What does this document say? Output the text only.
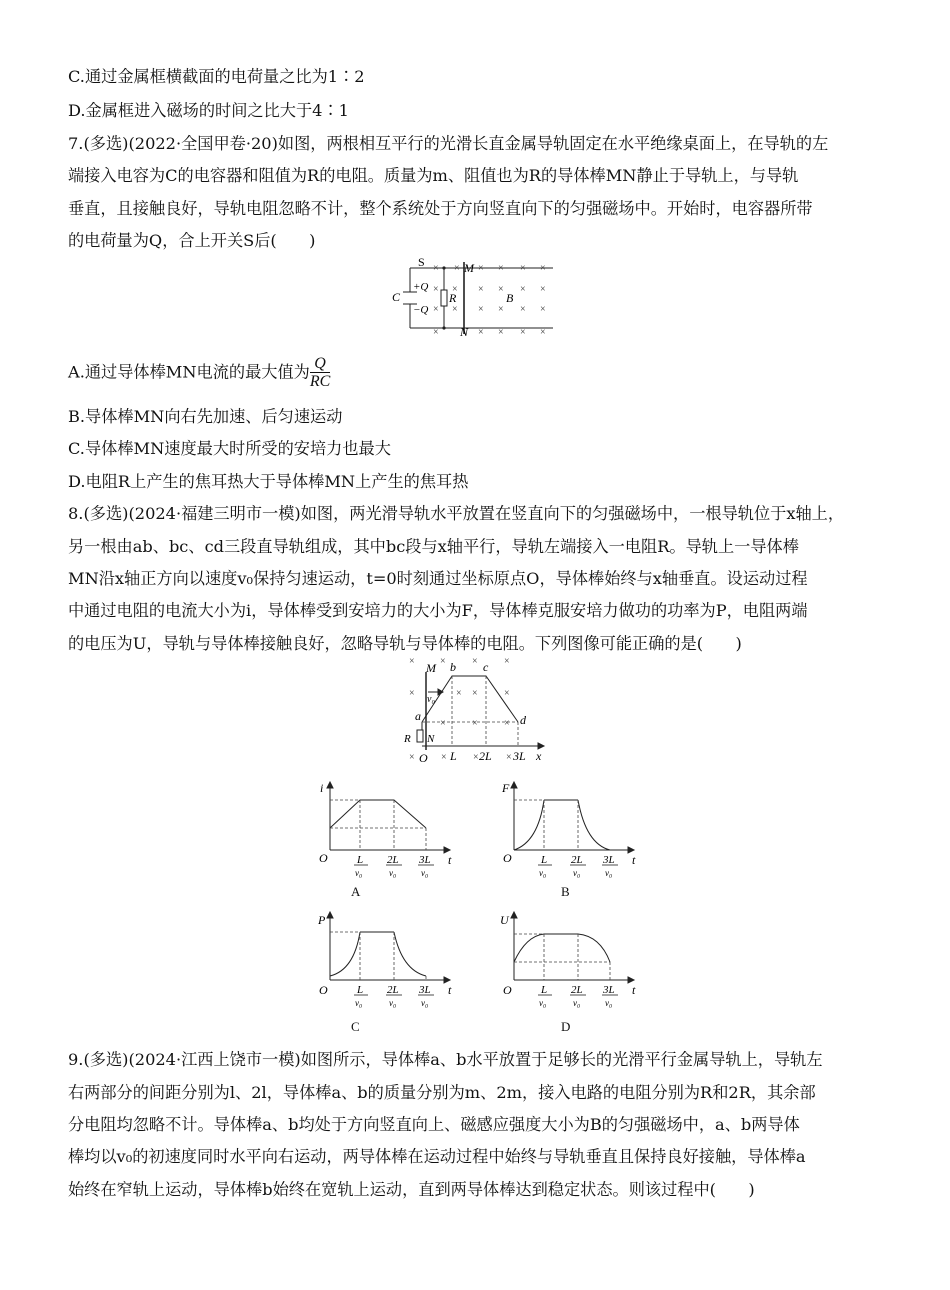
C.通过金属框横截面的电荷量之比为1∶2
D.金属框进入磁场的时间之比大于4∶1
7.(多选)(2022·全国甲卷·20)如图，两根相互平行的光滑长直金属导轨固定在水平绝缘桌面上，在导轨的左
端接入电容为C的电容器和阻值为R的电阻。质量为m、阻值也为R的导体棒MN静止于导轨上，与导轨
垂直，且接触良好，导轨电阻忽略不计，整个系统处于方向竖直向下的匀强磁场中。开始时，电容器所带
的电荷量为Q，合上开关S后(　　)
S	M
N
C	R	B
+Q
−Q
× × × × × ×
× × × × × ×
× × × × × ×
×	× × × ×
A.通过导体棒MN电流的最大值为 $\frac{Q}{RC}$
B.导体棒MN向右先加速、后匀速运动
C.导体棒MN速度最大时所受的安培力也最大
D.电阻R上产生的焦耳热大于导体棒MN上产生的焦耳热
8.(多选)(2024·福建三明市一模)如图，两光滑导轨水平放置在竖直向下的匀强磁场中，一根导轨位于x轴上，
另一根由ab、bc、cd三段直导轨组成，其中bc段与x轴平行，导轨左端接入一电阻R。导轨上一导体棒
MN沿x轴正方向以速度v₀保持匀速运动，t=0时刻通过坐标原点O，导体棒始终与x轴垂直。设运动过程
中通过电阻的电流大小为i，导体棒受到安培力的大小为F，导体棒克服安培力做功的功率为P，电阻两端
的电压为U，导轨与导体棒接触良好，忽略导轨与导体棒的电阻。下列图像可能正确的是(　　)
M
N
R
a
b c
d
v₀
O	x
L 2L 3L
×	×	×	×
×	× ×	×
×	×	×
×	×	×	×
i
O	t
L
v₀
2L
v₀
3L
v₀
A
F
O	t
L
v₀
2L
v₀
3L
v₀
B
P
O	t
L
v₀
2L
v₀
3L
v₀
C
U
O	t
L
v₀
2L
v₀
3L
v₀
D
9.(多选)(2024·江西上饶市一模)如图所示，导体棒a、b水平放置于足够长的光滑平行金属导轨上，导轨左
右两部分的间距分别为l、2l，导体棒a、b的质量分别为m、2m，接入电路的电阻分别为R和2R，其余部
分电阻均忽略不计。导体棒a、b均处于方向竖直向上、磁感应强度大小为B的匀强磁场中，a、b两导体
棒均以v₀的初速度同时水平向右运动，两导体棒在运动过程中始终与导轨垂直且保持良好接触，导体棒a
始终在窄轨上运动，导体棒b始终在宽轨上运动，直到两导体棒达到稳定状态。则该过程中(　　)
